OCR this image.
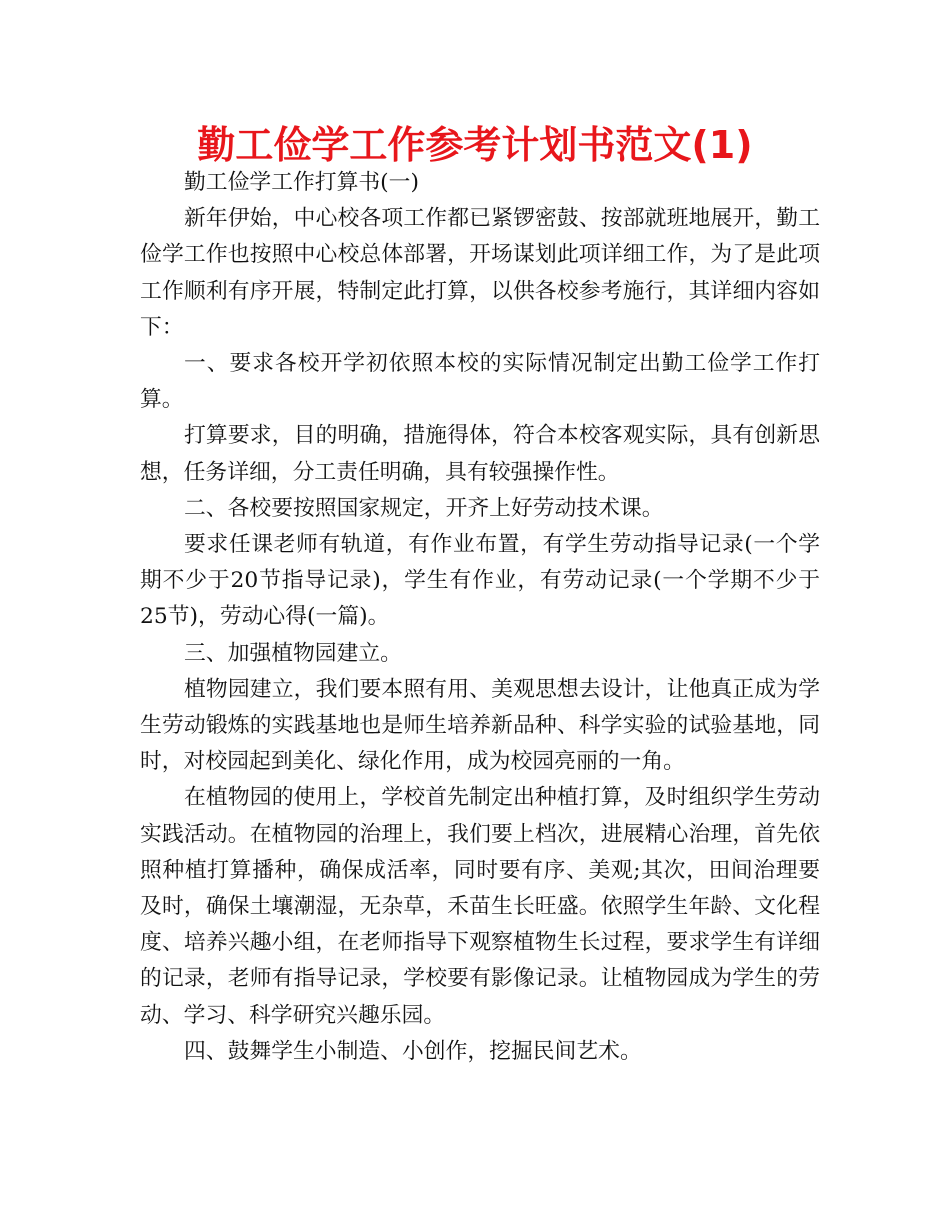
勤工俭学工作参考计划书范文(1)

勤工俭学工作打算书(一)

新年伊始，中心校各项工作都已紧锣密鼓、按部就班地展开，勤工俭学工作也按照中心校总体部署，开场谋划此项详细工作，为了是此项工作顺利有序开展，特制定此打算，以供各校参考施行，其详细内容如下：

一、要求各校开学初依照本校的实际情况制定出勤工俭学工作打算。

打算要求，目的明确，措施得体，符合本校客观实际，具有创新思想，任务详细，分工责任明确，具有较强操作性。

二、各校要按照国家规定，开齐上好劳动技术课。

要求任课老师有轨道，有作业布置，有学生劳动指导记录(一个学期不少于20节指导记录)，学生有作业，有劳动记录(一个学期不少于25节)，劳动心得(一篇)。

三、加强植物园建立。

植物园建立，我们要本照有用、美观思想去设计，让他真正成为学生劳动锻炼的实践基地也是师生培养新品种、科学实验的试验基地，同时，对校园起到美化、绿化作用，成为校园亮丽的一角。

在植物园的使用上，学校首先制定出种植打算，及时组织学生劳动实践活动。在植物园的治理上，我们要上档次，进展精心治理，首先依照种植打算播种，确保成活率，同时要有序、美观;其次，田间治理要及时，确保土壤潮湿，无杂草，禾苗生长旺盛。依照学生年龄、文化程度、培养兴趣小组，在老师指导下观察植物生长过程，要求学生有详细的记录，老师有指导记录，学校要有影像记录。让植物园成为学生的劳动、学习、科学研究兴趣乐园。

四、鼓舞学生小制造、小创作，挖掘民间艺术。
